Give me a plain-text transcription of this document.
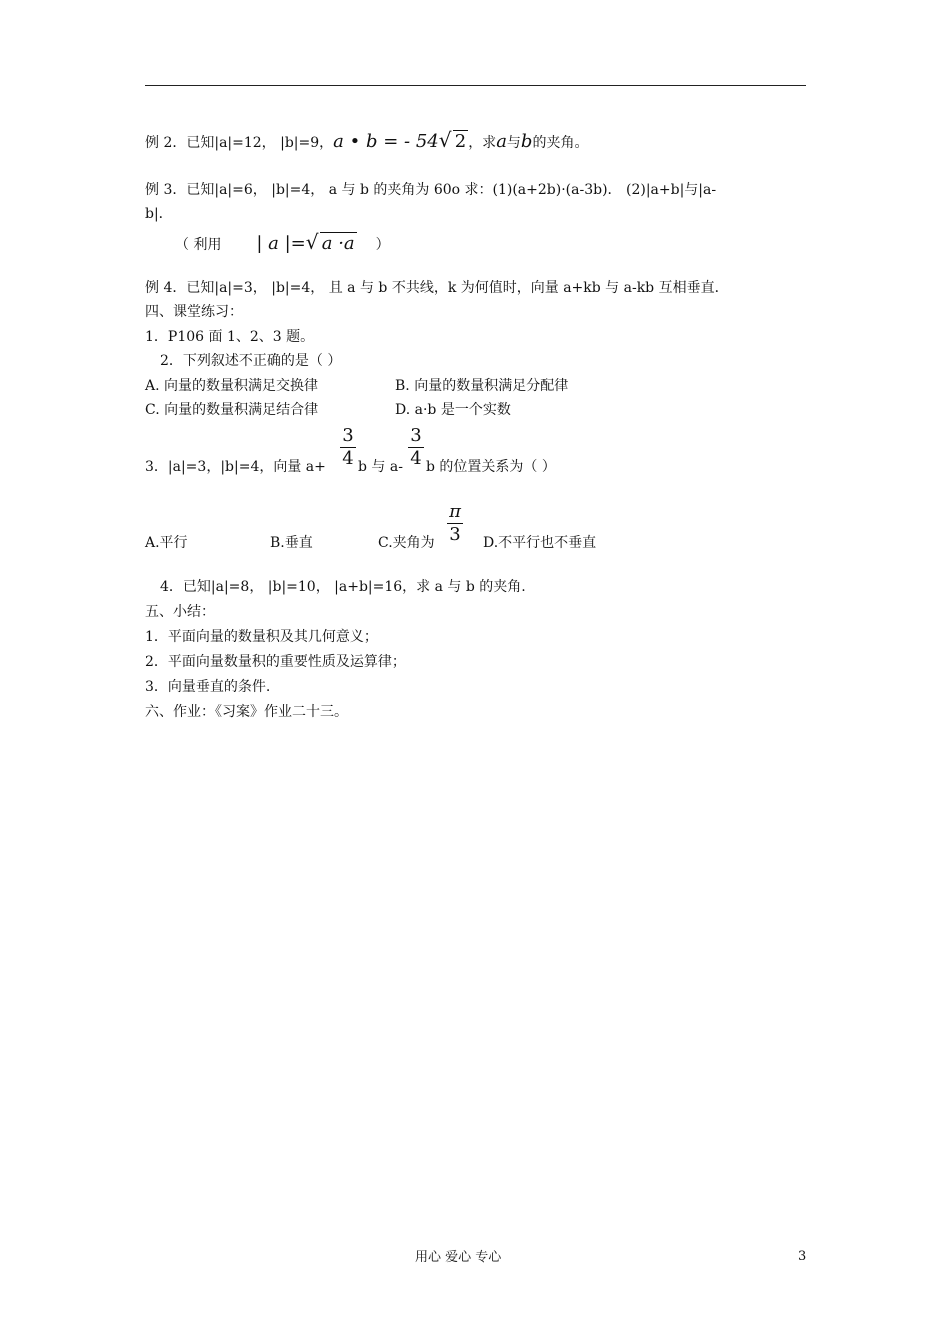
例 2．已知|a|=12， |b|=9，a • b = - 54 √ 2 ，求a与b的夹角。
例 3．已知|a|=6， |b|=4， a 与 b 的夹角为 60o 求：(1)(a+2b)·(a-3b)． (2)|a+b|与|a-
b|．
（ 利用 | a |= √ a ·a ）
例 4．已知|a|=3， |b|=4， 且 a 与 b 不共线，k 为何值时，向量 a+kb 与 a-kb 互相垂直．
四、课堂练习：
1．P106 面 1、2、3 题。
2．下列叙述不正确的是（ ）
A. 向量的数量积满足交换律	B. 向量的数量积满足分配律
C. 向量的数量积满足结合律	D. a·b 是一个实数
3．|a|=3，|b|=4，向量 a+
3
4 b 与 a-
3
4 b 的位置关系为（ ）
A.平行	B.垂直	C.夹角为
π
3 D.不平行也不垂直
4．已知|a|=8， |b|=10， |a+b|=16，求 a 与 b 的夹角.
五、小结：
1．平面向量的数量积及其几何意义；
2．平面向量数量积的重要性质及运算律；
3．向量垂直的条件.
六、作业：《习案》作业二十三。
用心 爱心 专心	3
